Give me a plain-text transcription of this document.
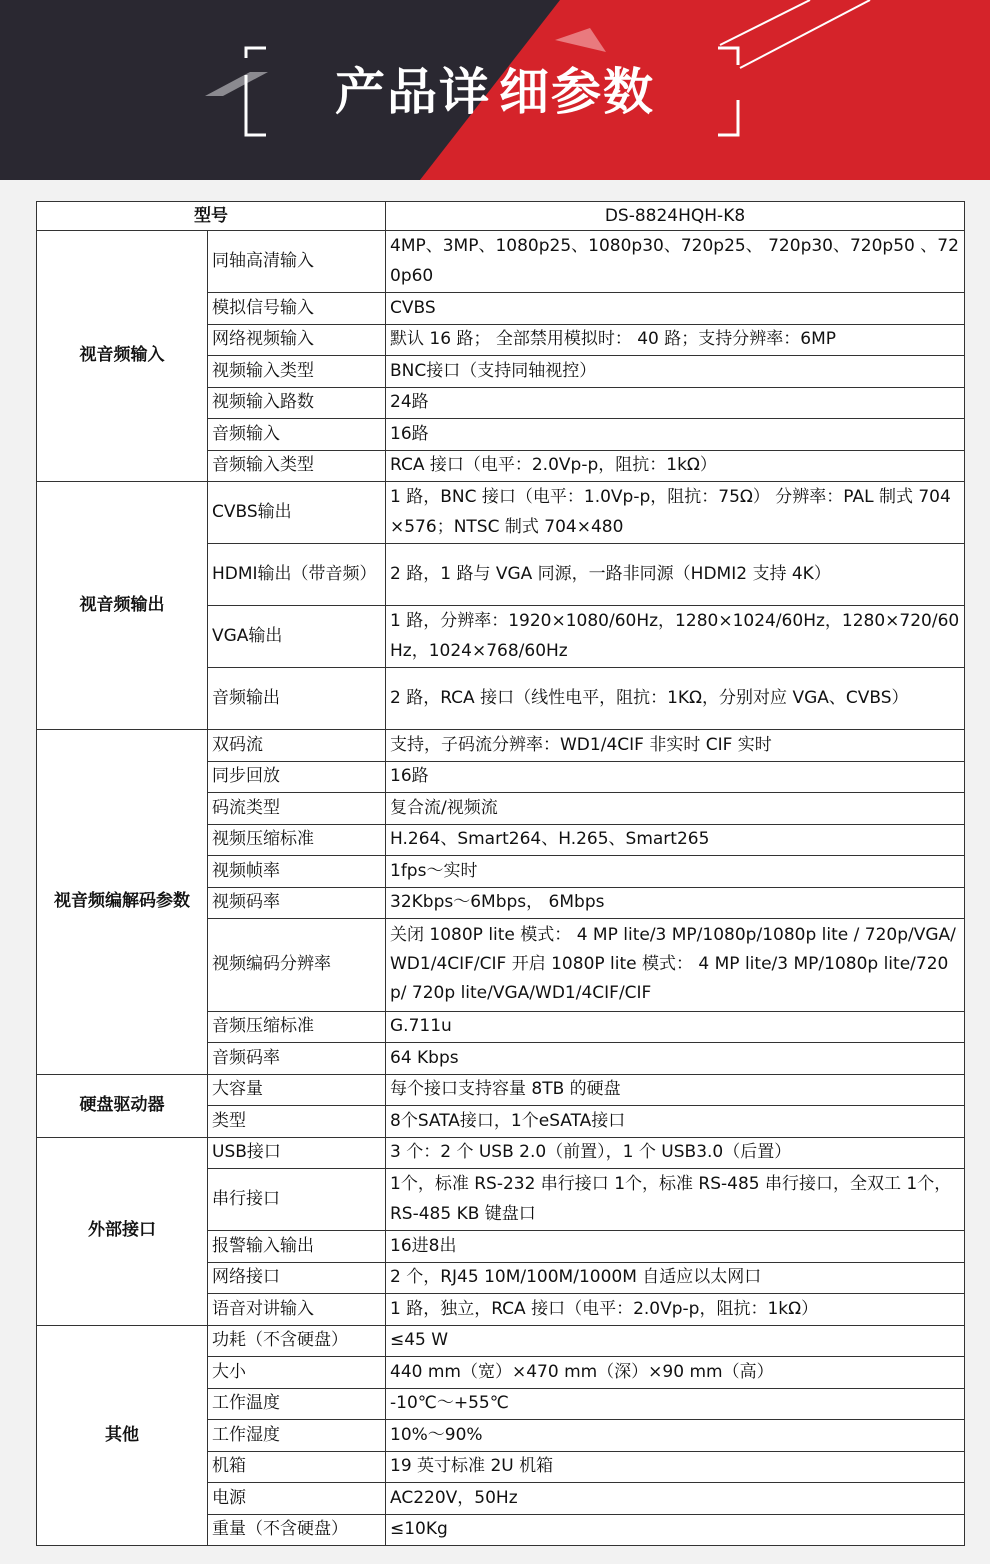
产品详 细参数
型号		DS-8824HQH-K8
视音频输入	同轴高清输入	4MP、3MP、1080p25、1080p30、720p25、 720p30、720p50 、720p60
	模拟信号输入	CVBS
	网络视频输入	默认 16 路； 全部禁用模拟时： 40 路；支持分辨率：6MP
	视频输入类型	BNC接口（支持同轴视控）
	视频输入路数	24路
	音频输入	16路
	音频输入类型	RCA 接口（电平：2.0Vp-p，阻抗：1kΩ）
视音频输出	CVBS输出	1 路，BNC 接口（电平：1.0Vp-p，阻抗：75Ω） 分辨率：PAL 制式 704×576；NTSC 制式 704×480
	HDMI输出（带音频）	2 路，1 路与 VGA 同源，一路非同源（HDMI2 支持 4K）
	VGA输出	1 路，分辨率：1920×1080/60Hz，1280×1024/60Hz，1280×720/60Hz，1024×768/60Hz
	音频输出	2 路，RCA 接口（线性电平，阻抗：1KΩ，分别对应 VGA、CVBS）
视音频编解码参数	双码流	支持，子码流分辨率：WD1/4CIF 非实时 CIF 实时
	同步回放	16路
	码流类型	复合流/视频流
	视频压缩标准	H.264、Smart264、H.265、Smart265
	视频帧率	1fps～实时
	视频码率	32Kbps～6Mbps， 6Mbps
	视频编码分辨率	关闭 1080P lite 模式： 4 MP lite/3 MP/1080p/1080p lite / 720p/VGA/WD1/4CIF/CIF 开启 1080P lite 模式： 4 MP lite/3 MP/1080p lite/720p/ 720p lite/VGA/WD1/4CIF/CIF
	音频压缩标准	G.711u
	音频码率	64 Kbps
硬盘驱动器	大容量	每个接口支持容量 8TB 的硬盘
	类型	8个SATA接口，1个eSATA接口
外部接口	USB接口	3 个：2 个 USB 2.0（前置），1 个 USB3.0（后置）
	串行接口	1个，标准 RS-232 串行接口 1个，标准 RS-485 串行接口，全双工 1个，RS-485 KB 键盘口
	报警输入输出	16进8出
	网络接口	2 个，RJ45 10M/100M/1000M 自适应以太网口
	语音对讲输入	1 路，独立，RCA 接口（电平：2.0Vp-p，阻抗：1kΩ）
其他	功耗（不含硬盘）	≤45 W
	大小	440 mm（宽）×470 mm（深）×90 mm（高）
	工作温度	-10℃～+55℃
	工作湿度	10%～90%
	机箱	19 英寸标准 2U 机箱
	电源	AC220V，50Hz
	重量（不含硬盘）	≤10Kg
